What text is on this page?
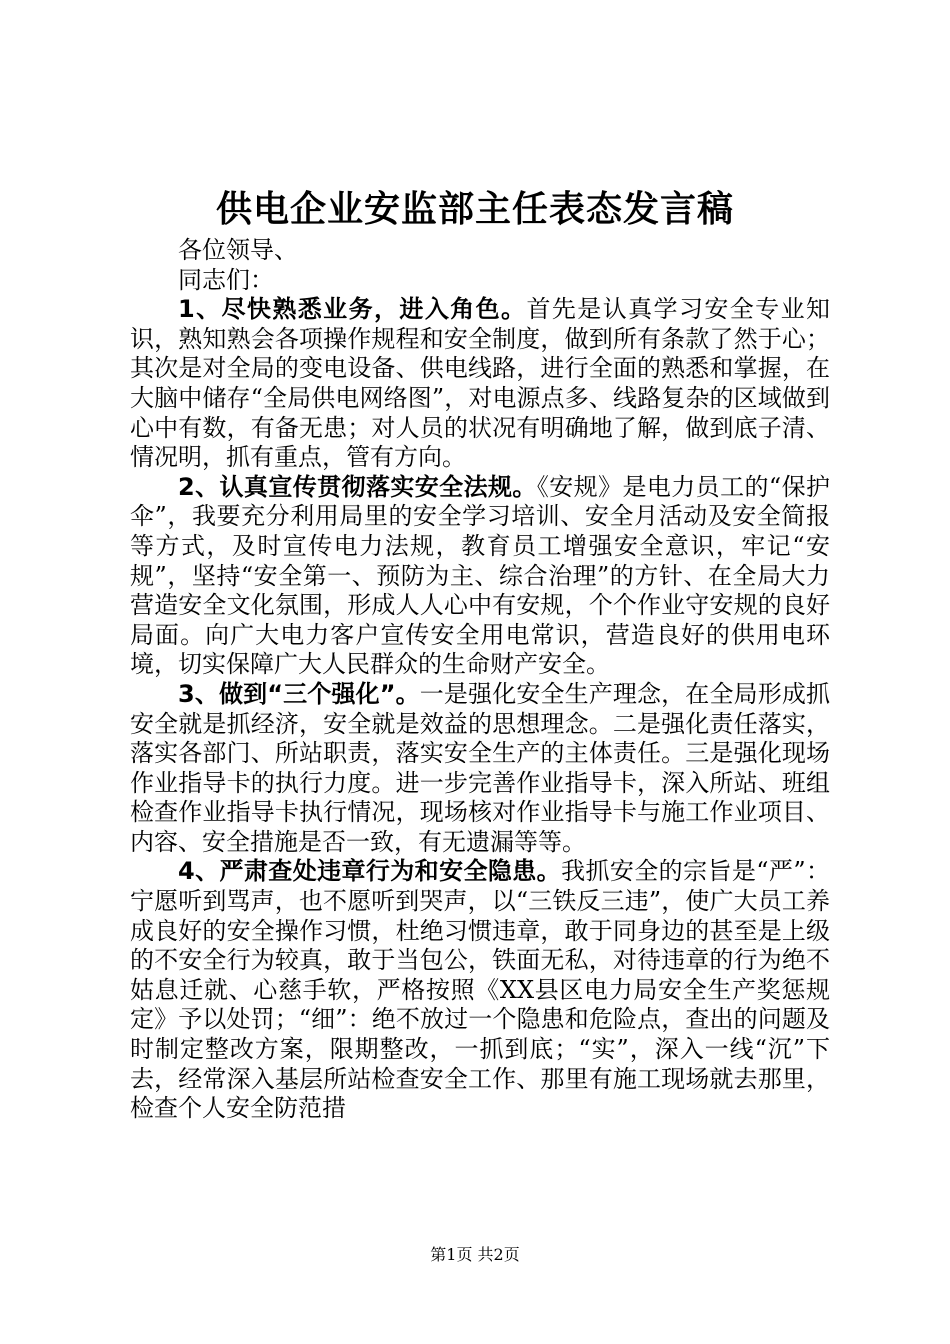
供电企业安监部主任表态发言稿

各位领导、

同志们：

1、尽快熟悉业务，进入角色。首先是认真学习安全专业知识，熟知熟会各项操作规程和安全制度，做到所有条款了然于心；其次是对全局的变电设备、供电线路，进行全面的熟悉和掌握，在大脑中储存“全局供电网络图”，对电源点多、线路复杂的区域做到心中有数，有备无患；对人员的状况有明确地了解，做到底子清、情况明，抓有重点，管有方向。

2、认真宣传贯彻落实安全法规。《安规》是电力员工的“保护伞”，我要充分利用局里的安全学习培训、安全月活动及安全简报等方式，及时宣传电力法规，教育员工增强安全意识，牢记“安规”，坚持“安全第一、预防为主、综合治理”的方针、在全局大力营造安全文化氛围，形成人人心中有安规，个个作业守安规的良好局面。向广大电力客户宣传安全用电常识，营造良好的供用电环境，切实保障广大人民群众的生命财产安全。

3、做到“三个强化”。一是强化安全生产理念，在全局形成抓安全就是抓经济，安全就是效益的思想理念。二是强化责任落实，落实各部门、所站职责，落实安全生产的主体责任。三是强化现场作业指导卡的执行力度。进一步完善作业指导卡，深入所站、班组检查作业指导卡执行情况，现场核对作业指导卡与施工作业项目、内容、安全措施是否一致，有无遗漏等等。

4、严肃查处违章行为和安全隐患。我抓安全的宗旨是“严”：宁愿听到骂声，也不愿听到哭声，以“三铁反三违”，使广大员工养成良好的安全操作习惯，杜绝习惯违章，敢于同身边的甚至是上级的不安全行为较真，敢于当包公，铁面无私，对待违章的行为绝不姑息迁就、心慈手软，严格按照《XX县区电力局安全生产奖惩规定》予以处罚；“细”：绝不放过一个隐患和危险点，查出的问题及时制定整改方案，限期整改，一抓到底；“实”，深入一线“沉”下去，经常深入基层所站检查安全工作、那里有施工现场就去那里，检查个人安全防范措

第1页 共2页
